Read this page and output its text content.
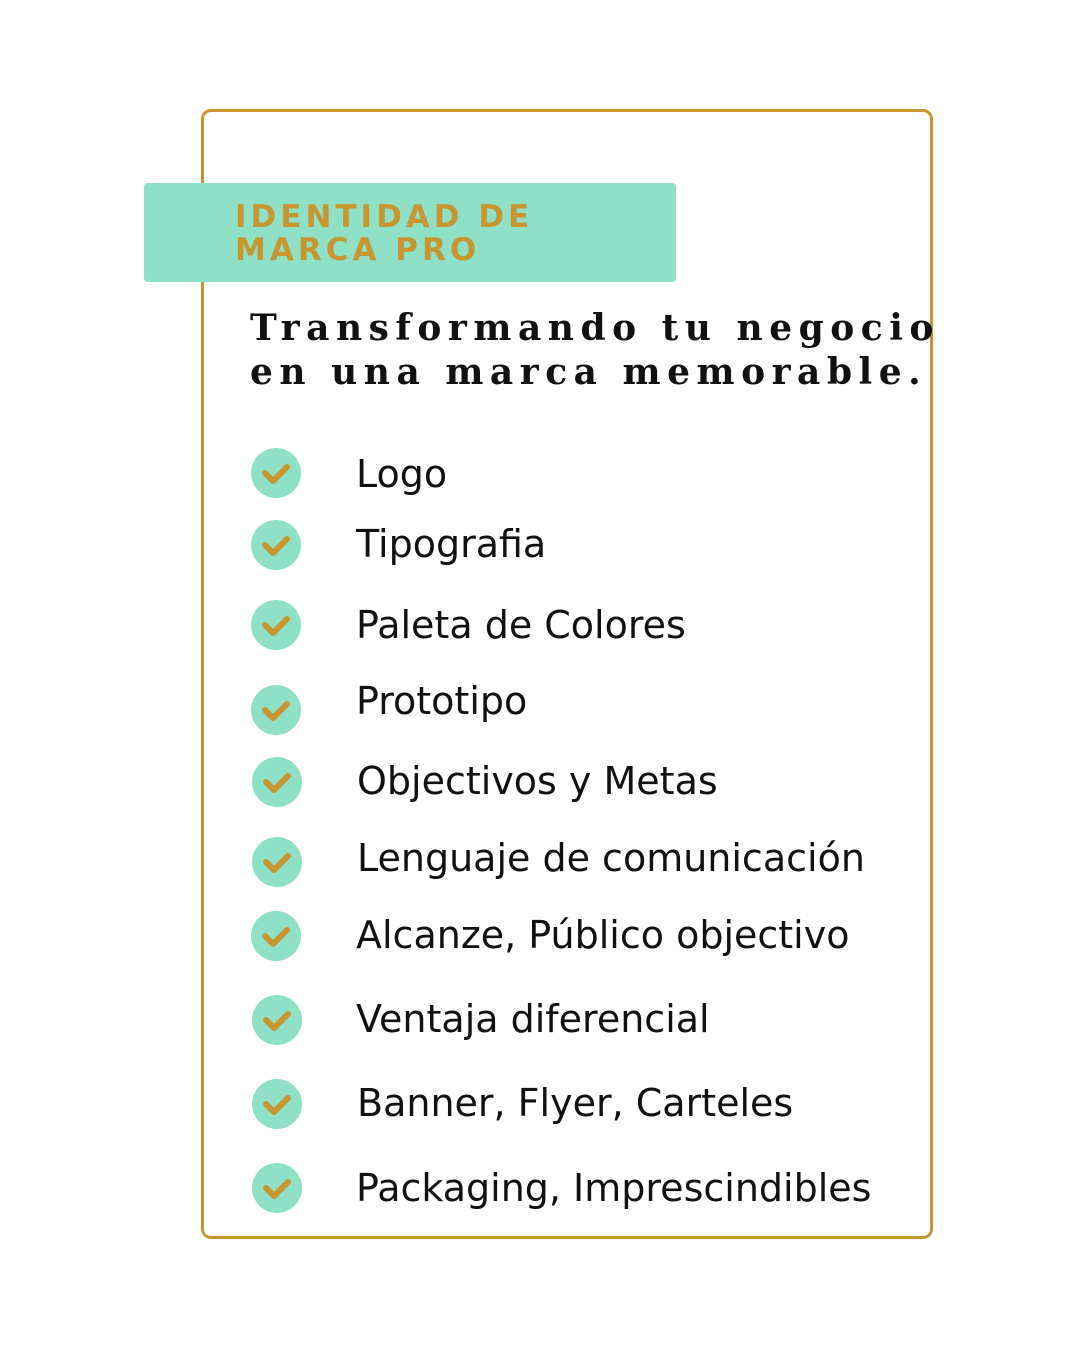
IDENTIDAD DE MARCA PRO

Transformando tu negocio en una marca memorable.

Logo

Tipografia

Paleta de Colores

Prototipo

Objectivos y Metas

Lenguaje de comunicación

Alcanze, Público objectivo

Ventaja diferencial

Banner, Flyer, Carteles

Packaging, Imprescindibles
